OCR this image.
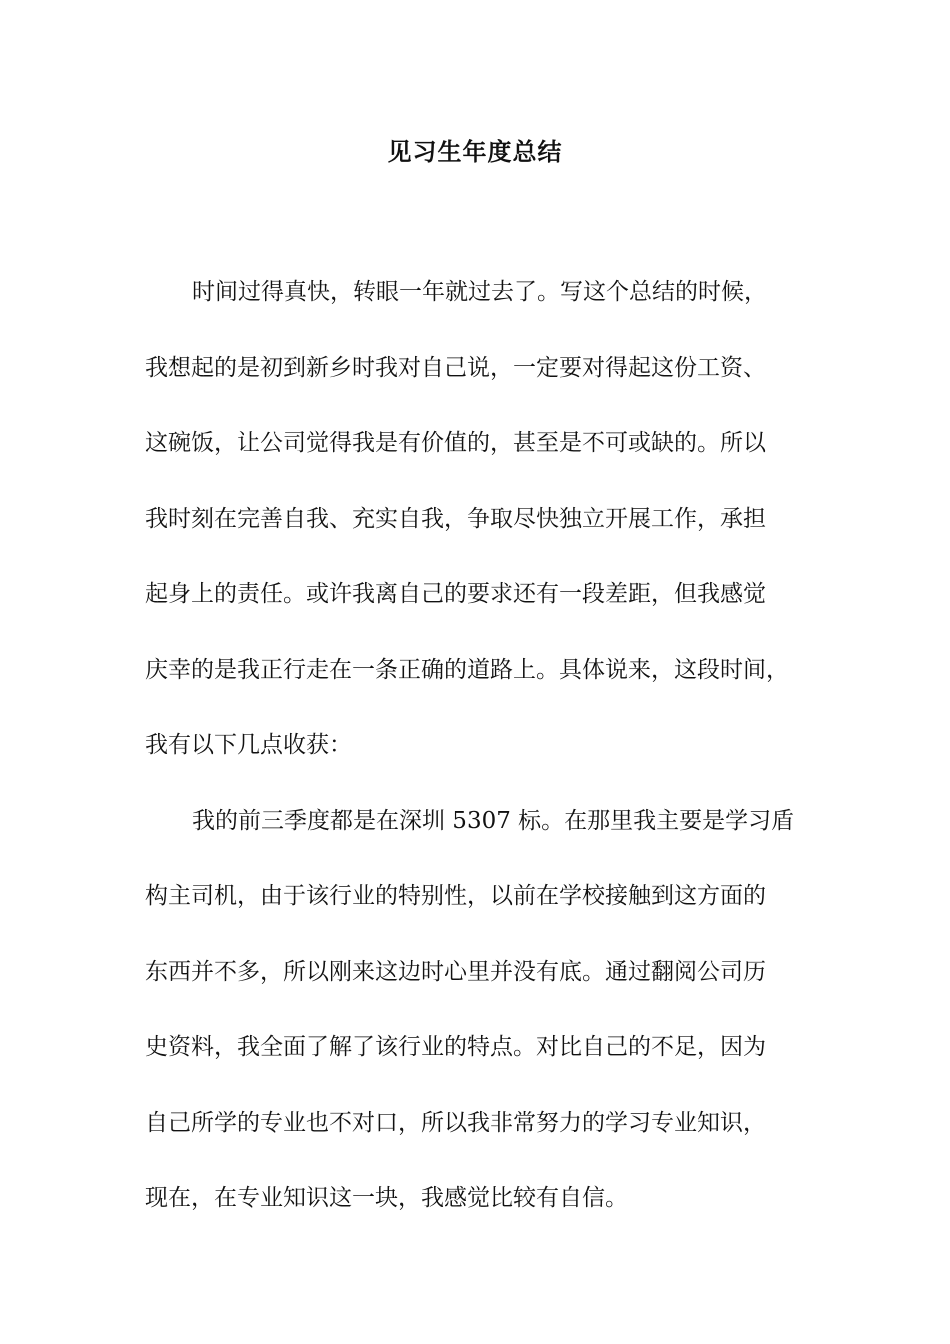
见习生年度总结
时间过得真快，转眼一年就过去了。写这个总结的时候，
我想起的是初到新乡时我对自己说，一定要对得起这份工资、
这碗饭，让公司觉得我是有价值的，甚至是不可或缺的。所以
我时刻在完善自我、充实自我，争取尽快独立开展工作，承担
起身上的责任。或许我离自己的要求还有一段差距，但我感觉
庆幸的是我正行走在一条正确的道路上。具体说来，这段时间，
我有以下几点收获：
我的前三季度都是在深圳 5307 标。在那里我主要是学习盾
构主司机，由于该行业的特别性，以前在学校接触到这方面的
东西并不多，所以刚来这边时心里并没有底。通过翻阅公司历
史资料，我全面了解了该行业的特点。对比自己的不足，因为
自己所学的专业也不对口，所以我非常努力的学习专业知识，
现在，在专业知识这一块，我感觉比较有自信。
